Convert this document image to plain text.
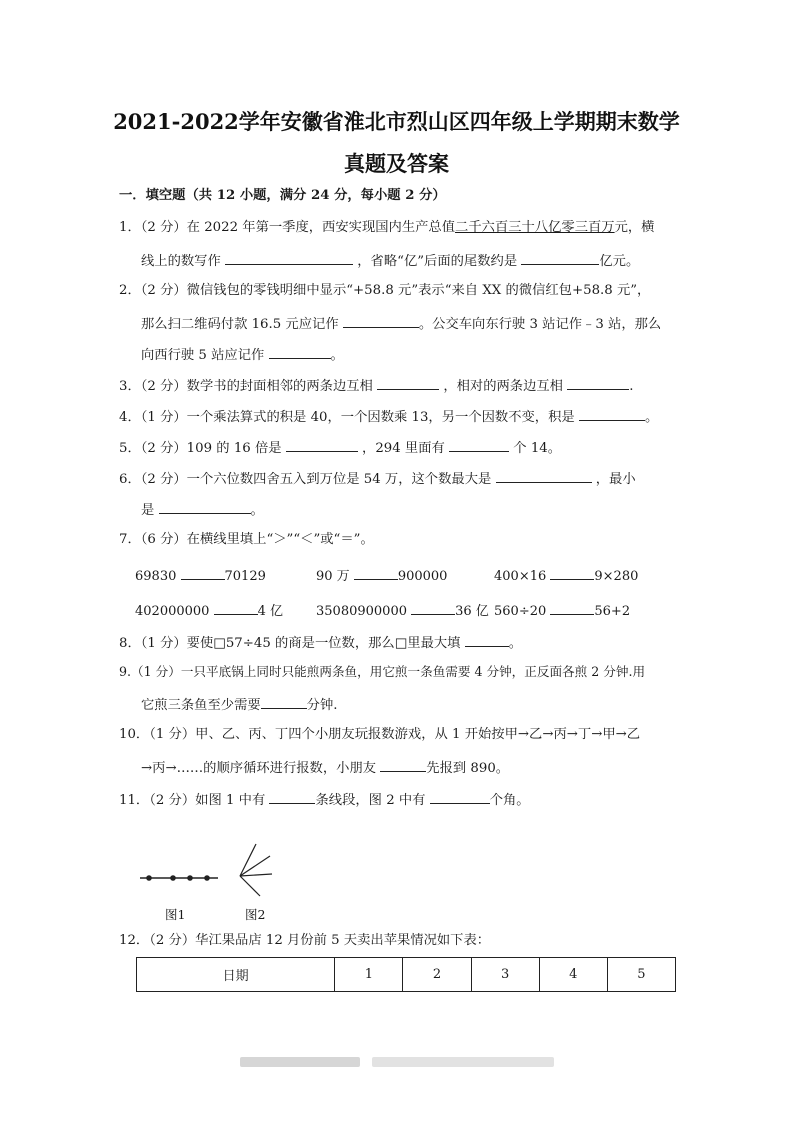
2021-2022学年安徽省淮北市烈山区四年级上学期期末数学
真题及答案
一．填空题（共 12 小题，满分 24 分，每小题 2 分）
1．（2 分）在 2022 年第一季度，西安实现国内生产总值二千六百三十八亿零三百万元，横
线上的数写作	，省略“亿”后面的尾数约是	亿元。
2．（2 分）微信钱包的零钱明细中显示“+58.8 元”表示“来自 XX 的微信红包+58.8 元”，
那么扫二维码付款 16.5 元应记作	。公交车向东行驶 3 站记作﹣3 站，那么
向西行驶 5 站应记作	。
3．（2 分）数学书的封面相邻的两条边互相	，相对的两条边互相	.
4．（1 分）一个乘法算式的积是 40，一个因数乘 13，另一个因数不变，积是	。
5．（2 分）109 的 16 倍是	，294 里面有	个 14。
6．（2 分）一个六位数四舍五入到万位是 54 万，这个数最大是	，最小
是	。
7．（6 分）在横线里填上“＞”“＜”或“＝”。
69830	70129	90 万	900000	400×16	9×280
402000000	4 亿	35080900000	36 亿 560÷20	56+2
8．（1 分）要使□57÷45 的商是一位数，那么□里最大填	。
9.（1 分）一只平底锅上同时只能煎两条鱼，用它煎一条鱼需要 4 分钟，正反面各煎 2 分钟.用
它煎三条鱼至少需要	分钟.
10．（1 分）甲、乙、丙、丁四个小朋友玩报数游戏，从 1 开始按甲→乙→丙→丁→甲→乙
→丙→……的顺序循环进行报数，小朋友	先报到 890。
11．（2 分）如图 1 中有	条线段，图 2 中有	个角。
图1	图2
12．（2 分）华江果品店 12 月份前 5 天卖出苹果情况如下表：
日期	1	2	3	4	5
